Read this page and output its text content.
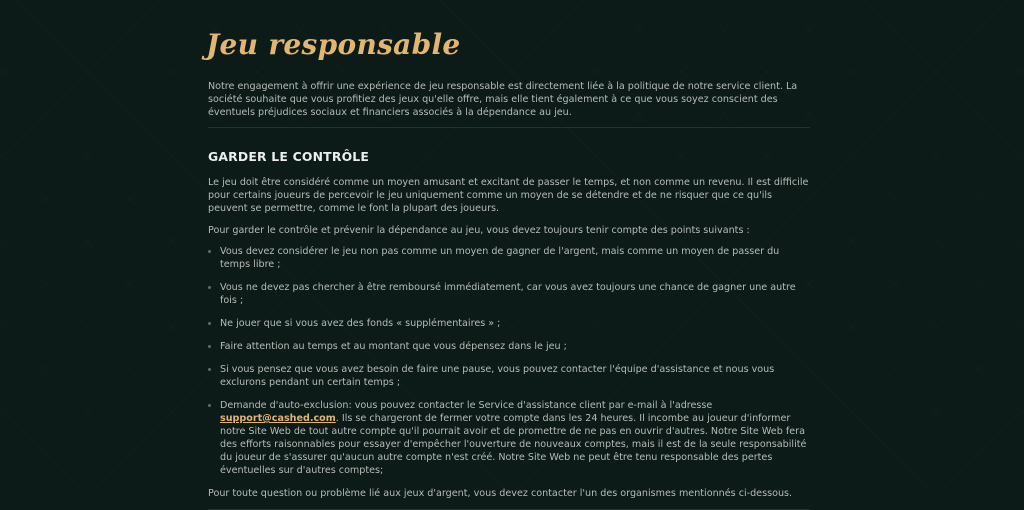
Jeu responsable

Notre engagement à offrir une expérience de jeu responsable est directement liée à la politique de notre service client. La société souhaite que vous profitiez des jeux qu'elle offre, mais elle tient également à ce que vous soyez conscient des éventuels préjudices sociaux et financiers associés à la dépendance au jeu.

GARDER LE CONTRÔLE

Le jeu doit être considéré comme un moyen amusant et excitant de passer le temps, et non comme un revenu. Il est difficile pour certains joueurs de percevoir le jeu uniquement comme un moyen de se détendre et de ne risquer que ce qu'ils peuvent se permettre, comme le font la plupart des joueurs.

Pour garder le contrôle et prévenir la dépendance au jeu, vous devez toujours tenir compte des points suivants :

Vous devez considérer le jeu non pas comme un moyen de gagner de l'argent, mais comme un moyen de passer du temps libre ;
Vous ne devez pas chercher à être remboursé immédiatement, car vous avez toujours une chance de gagner une autre fois ;
Ne jouer que si vous avez des fonds « supplémentaires » ;
Faire attention au temps et au montant que vous dépensez dans le jeu ;
Si vous pensez que vous avez besoin de faire une pause, vous pouvez contacter l'équipe d'assistance et nous vous exclurons pendant un certain temps ;
Demande d'auto-exclusion: vous pouvez contacter le Service d'assistance client par e-mail à l'adresse support@cashed.com. Ils se chargeront de fermer votre compte dans les 24 heures. Il incombe au joueur d'informer notre Site Web de tout autre compte qu'il pourrait avoir et de promettre de ne pas en ouvrir d'autres. Notre Site Web fera des efforts raisonnables pour essayer d'empêcher l'ouverture de nouveaux comptes, mais il est de la seule responsabilité du joueur de s'assurer qu'aucun autre compte n'est créé. Notre Site Web ne peut être tenu responsable des pertes éventuelles sur d'autres comptes;

Pour toute question ou problème lié aux jeux d'argent, vous devez contacter l'un des organismes mentionnés ci-dessous.
